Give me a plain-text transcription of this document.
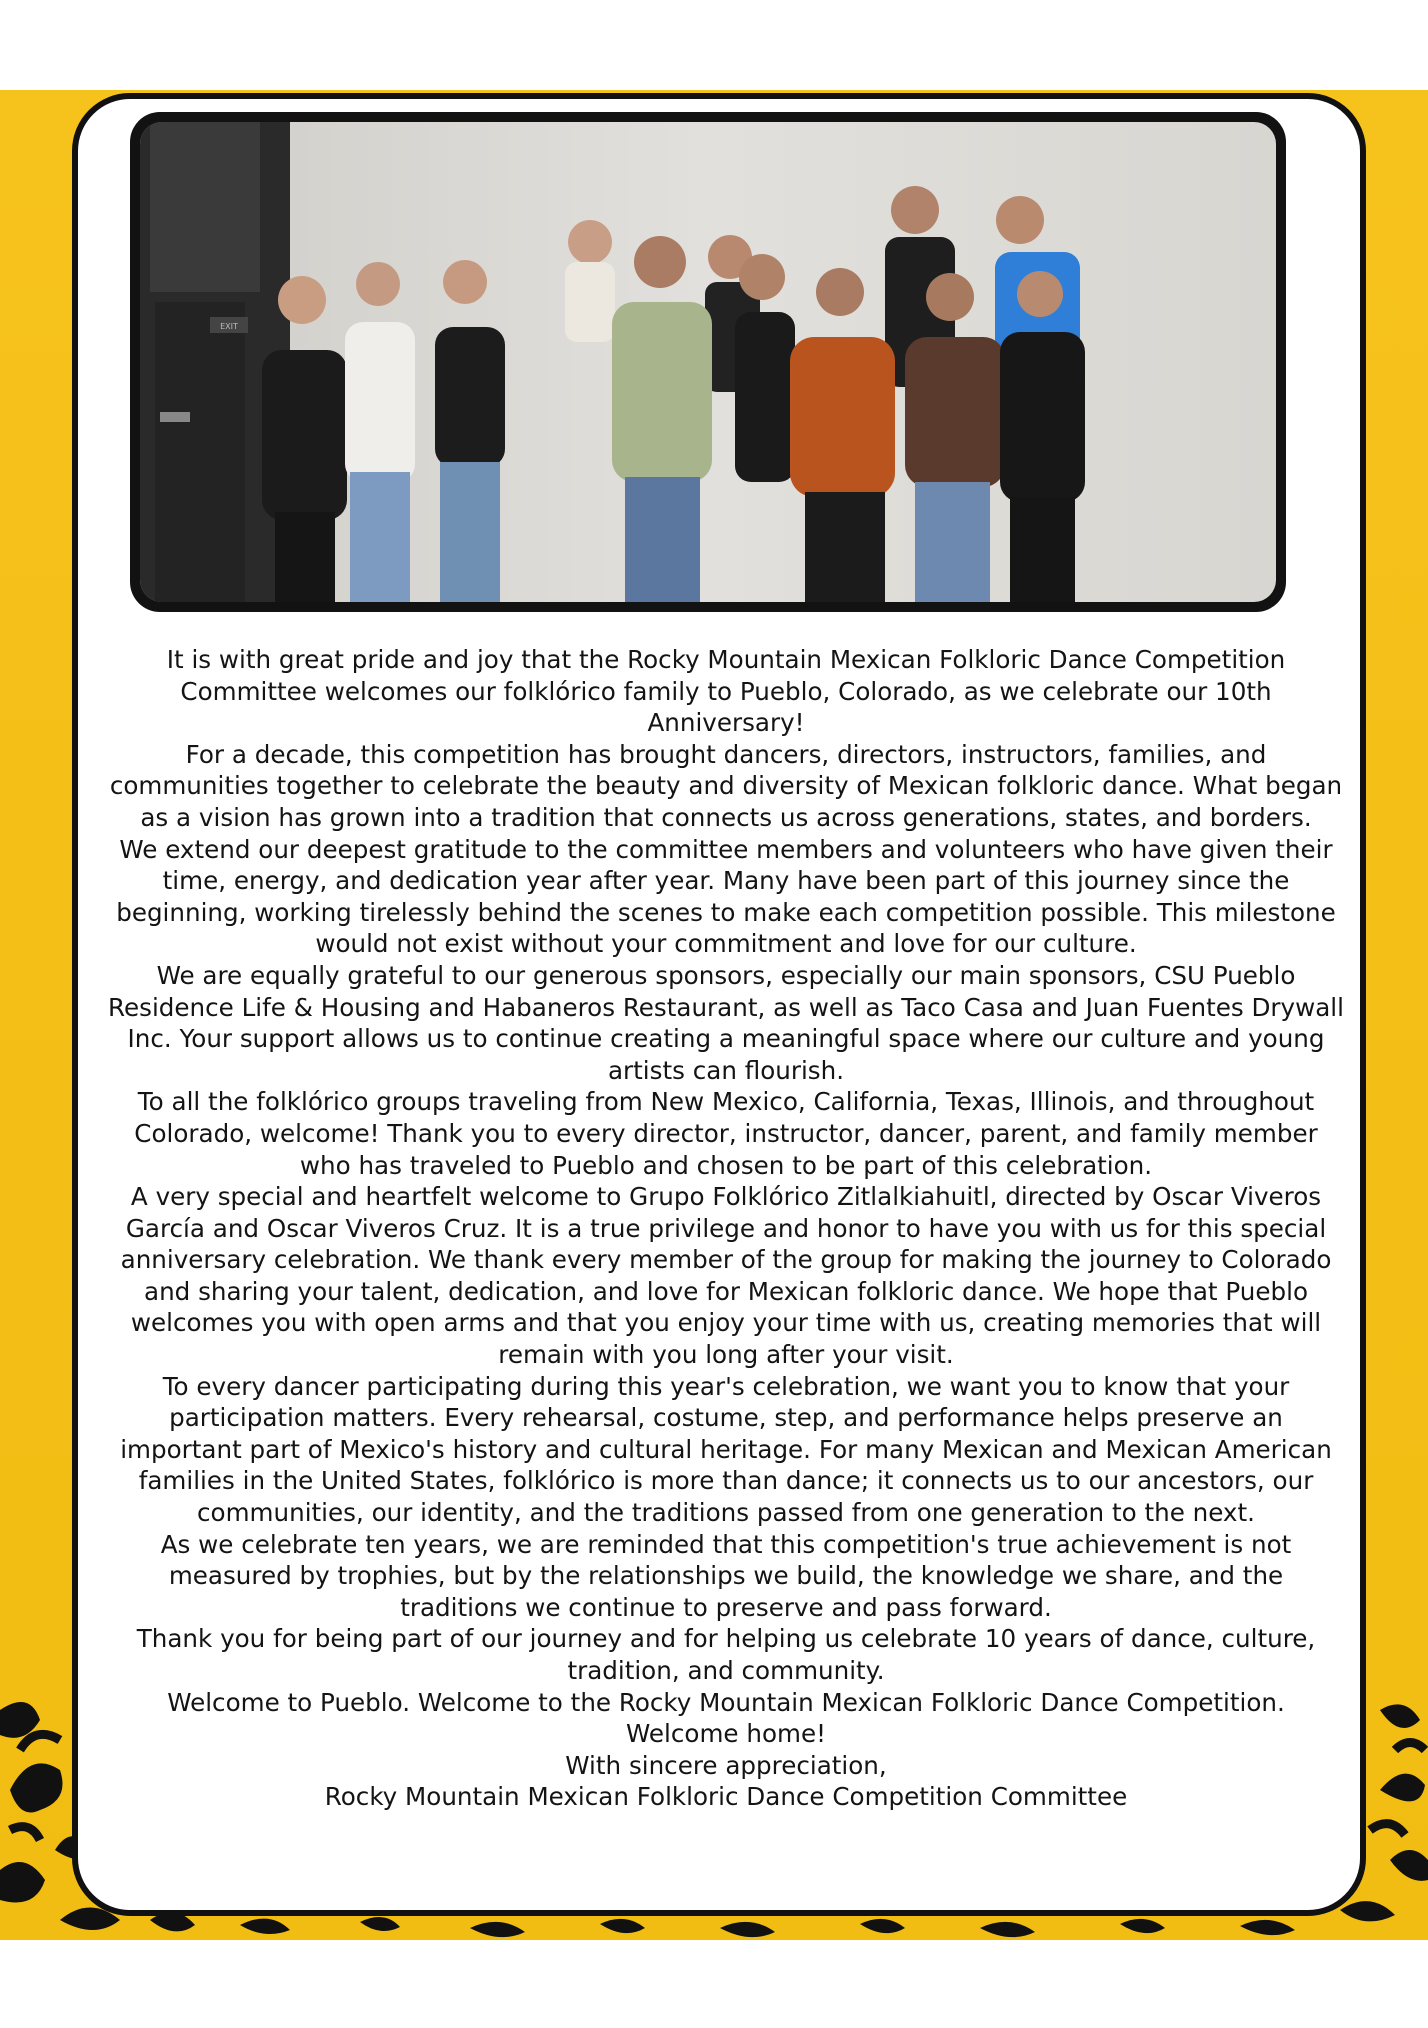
EXIT

It is with great pride and joy that the Rocky Mountain Mexican Folkloric Dance Competition Committee welcomes our folklórico family to Pueblo, Colorado, as we celebrate our 10th Anniversary!

For a decade, this competition has brought dancers, directors, instructors, families, and communities together to celebrate the beauty and diversity of Mexican folkloric dance. What began as a vision has grown into a tradition that connects us across generations, states, and borders.

We extend our deepest gratitude to the committee members and volunteers who have given their time, energy, and dedication year after year. Many have been part of this journey since the beginning, working tirelessly behind the scenes to make each competition possible. This milestone would not exist without your commitment and love for our culture.

We are equally grateful to our generous sponsors, especially our main sponsors, CSU Pueblo Residence Life & Housing and Habaneros Restaurant, as well as Taco Casa and Juan Fuentes Drywall Inc. Your support allows us to continue creating a meaningful space where our culture and young artists can flourish.

To all the folklórico groups traveling from New Mexico, California, Texas, Illinois, and throughout Colorado, welcome! Thank you to every director, instructor, dancer, parent, and family member who has traveled to Pueblo and chosen to be part of this celebration.

A very special and heartfelt welcome to Grupo Folklórico Zitlalkiahuitl, directed by Oscar Viveros García and Oscar Viveros Cruz. It is a true privilege and honor to have you with us for this special anniversary celebration. We thank every member of the group for making the journey to Colorado and sharing your talent, dedication, and love for Mexican folkloric dance. We hope that Pueblo welcomes you with open arms and that you enjoy your time with us, creating memories that will remain with you long after your visit.

To every dancer participating during this year's celebration, we want you to know that your participation matters. Every rehearsal, costume, step, and performance helps preserve an important part of Mexico's history and cultural heritage. For many Mexican and Mexican American families in the United States, folklórico is more than dance; it connects us to our ancestors, our communities, our identity, and the traditions passed from one generation to the next.

As we celebrate ten years, we are reminded that this competition's true achievement is not measured by trophies, but by the relationships we build, the knowledge we share, and the traditions we continue to preserve and pass forward.

Thank you for being part of our journey and for helping us celebrate 10 years of dance, culture, tradition, and community.

Welcome to Pueblo. Welcome to the Rocky Mountain Mexican Folkloric Dance Competition.

Welcome home!

With sincere appreciation,

Rocky Mountain Mexican Folkloric Dance Competition Committee
